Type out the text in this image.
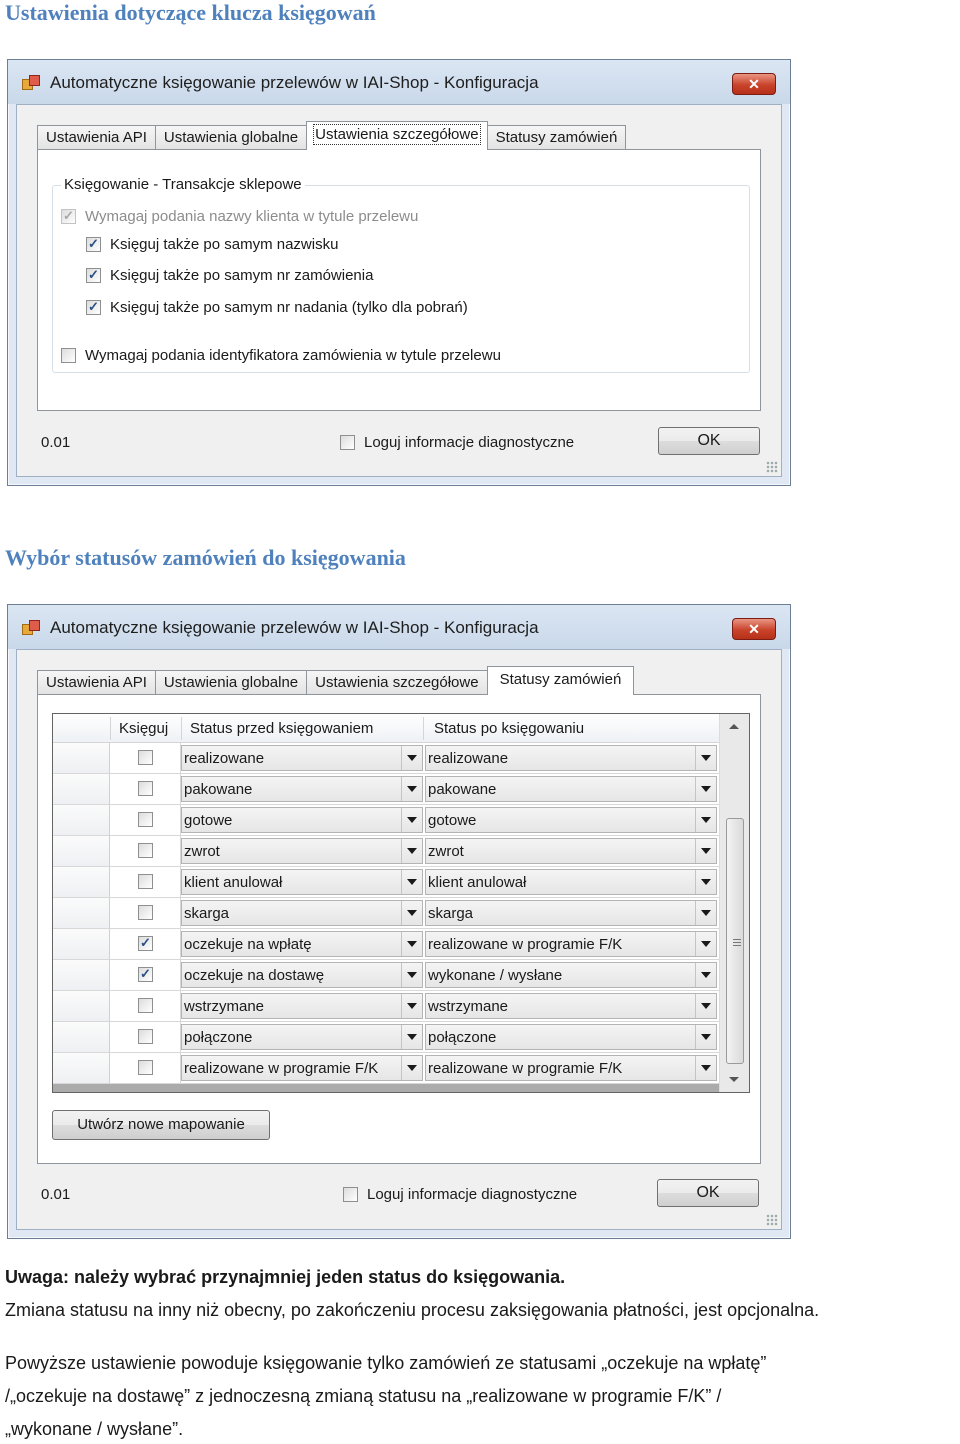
Ustawienia dotyczące klucza księgowań
Automatyczne księgowanie przelewów w IAI-Shop - Konfiguracja	✕
Ustawienia API	Ustawienia globalne	Ustawienia szczegółowe	Statusy zamówień
Księgowanie - Transakcje sklepowe
✓ Wymagaj podania nazwy klienta w tytule przelewu
✓ Księguj także po samym nazwisku
✓ Księguj także po samym nr zamówienia
✓ Księguj także po samym nr nadania (tylko dla pobrań)
Wymagaj podania identyfikatora zamówienia w tytule przelewu
0.01	Loguj informacje diagnostyczne	OK
Wybór statusów zamówień do księgowania
Automatyczne księgowanie przelewów w IAI-Shop - Konfiguracja	✕
Ustawienia API	Ustawienia globalne	Ustawienia szczegółowe	Statusy zamówień
Księguj Status przed księgowaniem	Status po księgowaniu
realizowane	realizowane
pakowane	pakowane
gotowe	gotowe
zwrot	zwrot
klient anulował	klient anulował
skarga	skarga
✓ oczekuje na wpłatę	realizowane w programie F/K
✓ oczekuje na dostawę	wykonane / wysłane
wstrzymane	wstrzymane
połączone	połączone
realizowane w programie F/K	realizowane w programie F/K
Utwórz nowe mapowanie
0.01	Loguj informacje diagnostyczne	OK
Uwaga: należy wybrać przynajmniej jeden status do księgowania.
Zmiana statusu na inny niż obecny, po zakończeniu procesu zaksięgowania płatności, jest opcjonalna.
Powyższe ustawienie powoduje księgowanie tylko zamówień ze statusami „oczekuje na wpłatę”
/„oczekuje na dostawę” z jednoczesną zmianą statusu na „realizowane w programie F/K” /
„wykonane / wysłane”.
